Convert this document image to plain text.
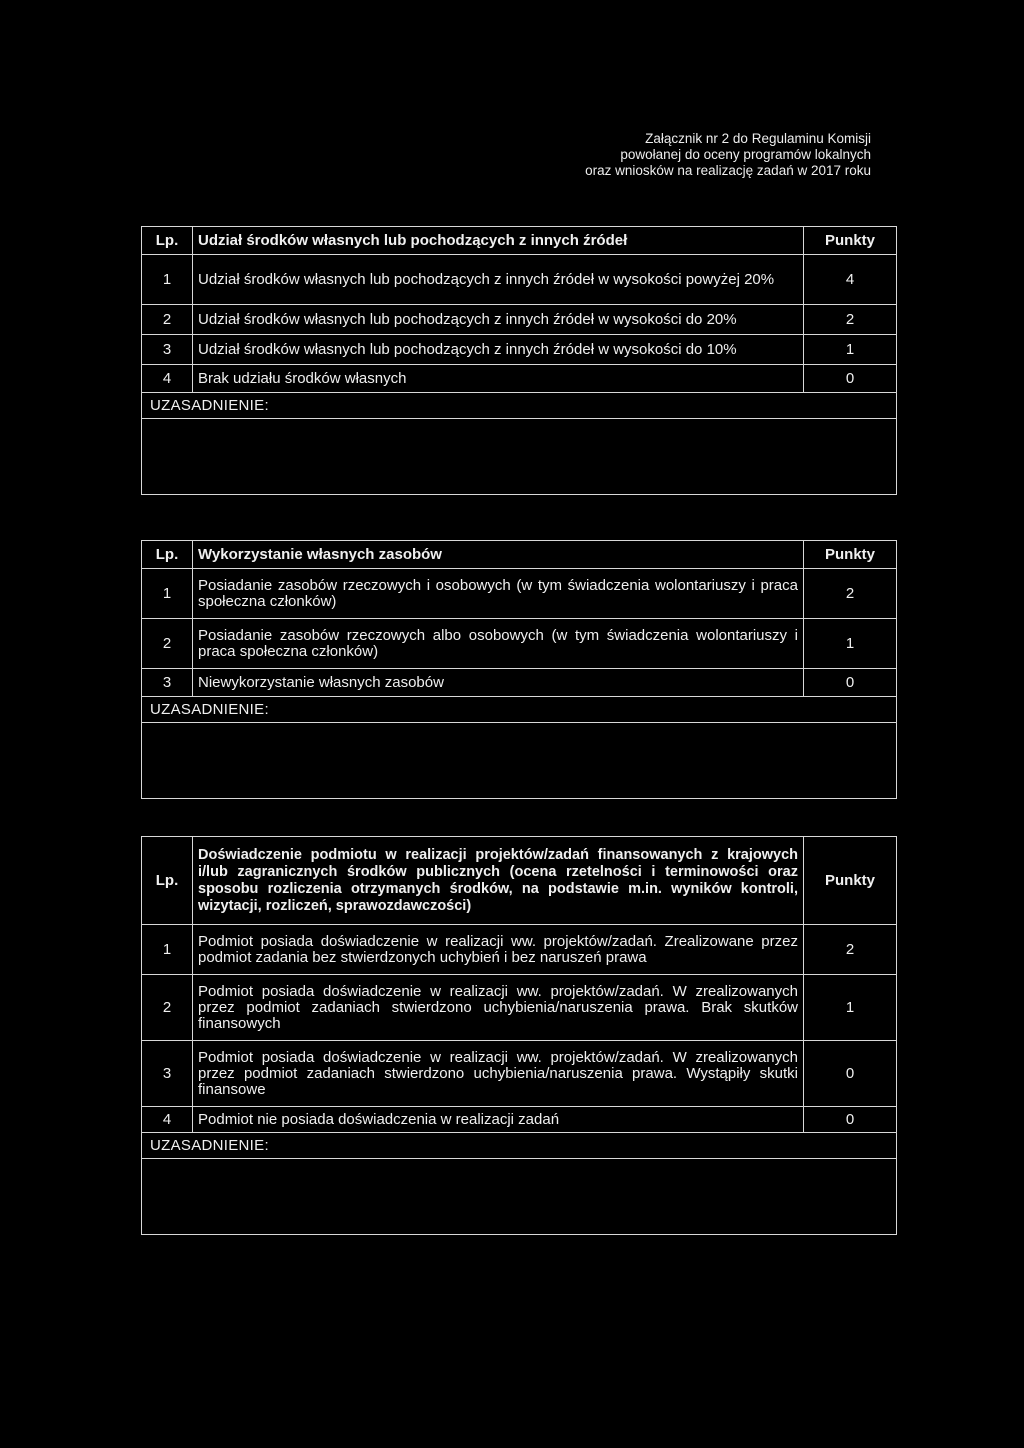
Załącznik nr 2 do Regulaminu Komisji
powołanej do oceny programów lokalnych
oraz wniosków na realizację zadań w 2017 roku
Lp.	Udział środków własnych lub pochodzących z innych źródeł	Punkty
1	Udział środków własnych lub pochodzących z innych źródeł w wysokości powyżej 20%	4
2	Udział środków własnych lub pochodzących z innych źródeł w wysokości do 20%	2
3	Udział środków własnych lub pochodzących z innych źródeł w wysokości do 10%	1
4	Brak udziału środków własnych	0
UZASADNIENIE:		

Lp.	Wykorzystanie własnych zasobów	Punkty
1	Posiadanie zasobów rzeczowych i osobowych (w tym świadczenia wolontariuszy i praca społeczna członków)	2
2	Posiadanie zasobów rzeczowych albo osobowych (w tym świadczenia wolontariuszy i praca społeczna członków)	1
3	Niewykorzystanie własnych zasobów	0
UZASADNIENIE:		

Lp.	Doświadczenie podmiotu w realizacji projektów/zadań finansowanych z krajowych i/lub zagranicznych środków publicznych (ocena rzetelności i terminowości oraz sposobu rozliczenia otrzymanych środków, na podstawie m.in. wyników kontroli, wizytacji, rozliczeń, sprawozdawczości)	Punkty
1	Podmiot posiada doświadczenie w realizacji ww. projektów/zadań. Zrealizowane przez podmiot zadania bez stwierdzonych uchybień i bez naruszeń prawa	2
2	Podmiot posiada doświadczenie w realizacji ww. projektów/zadań. W zrealizowanych przez podmiot zadaniach stwierdzono uchybienia/naruszenia prawa. Brak skutków finansowych	1
3	Podmiot posiada doświadczenie w realizacji ww. projektów/zadań. W zrealizowanych przez podmiot zadaniach stwierdzono uchybienia/naruszenia prawa. Wystąpiły skutki finansowe	0
4	Podmiot nie posiada doświadczenia w realizacji zadań	0
UZASADNIENIE:		
